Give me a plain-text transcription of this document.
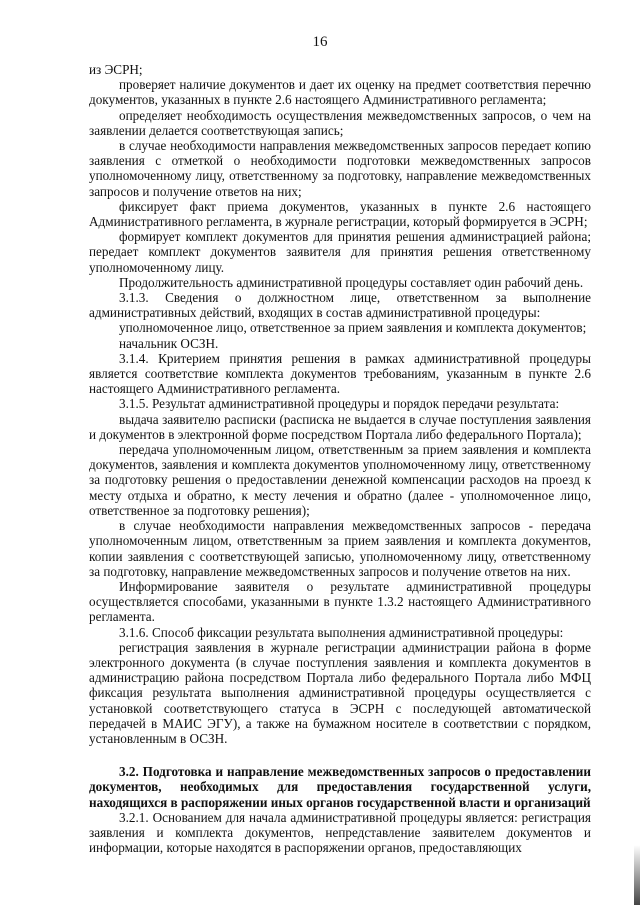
16

из ЭСРН;

проверяет наличие документов и дает их оценку на предмет соответствия перечню документов, указанных в пункте 2.6 настоящего Административного регламента;

определяет необходимость осуществления межведомственных запросов, о чем на заявлении делается соответствующая запись;

в случае необходимости направления межведомственных запросов передает копию заявления с отметкой о необходимости подготовки межведомственных запросов уполномоченному лицу, ответственному за подготовку, направление межведомственных запросов и получение ответов на них;

фиксирует факт приема документов, указанных в пункте 2.6 настоящего Административного регламента, в журнале регистрации, который формируется в ЭСРН;

формирует комплект документов для принятия решения администрацией района; передает комплект документов заявителя для принятия решения ответственному уполномоченному лицу.

Продолжительность административной процедуры составляет один рабочий день.

3.1.3. Сведения о должностном лице, ответственном за выполнение административных действий, входящих в состав административной процедуры:

уполномоченное лицо, ответственное за прием заявления и комплекта документов;

начальник ОСЗН.

3.1.4. Критерием принятия решения в рамках административной процедуры является соответствие комплекта документов требованиям, указанным в пункте 2.6 настоящего Административного регламента.

3.1.5. Результат административной процедуры и порядок передачи результата:

выдача заявителю расписки (расписка не выдается в случае поступления заявления и документов в электронной форме посредством Портала либо федерального Портала);

передача уполномоченным лицом, ответственным за прием заявления и комплекта документов, заявления и комплекта документов уполномоченному лицу, ответственному за подготовку решения о предоставлении денежной компенсации расходов на проезд к месту отдыха и обратно, к месту лечения и обратно (далее - уполномоченное лицо, ответственное за подготовку решения);

в случае необходимости направления межведомственных запросов - передача уполномоченным лицом, ответственным за прием заявления и комплекта документов, копии заявления с соответствующей записью, уполномоченному лицу, ответственному за подготовку, направление межведомственных запросов и получение ответов на них.

Информирование заявителя о результате административной процедуры осуществляется способами, указанными в пункте 1.3.2 настоящего Административного регламента.

3.1.6. Способ фиксации результата выполнения административной процедуры:

регистрация заявления в журнале регистрации администрации района в форме электронного документа (в случае поступления заявления и комплекта документов в администрацию района посредством Портала либо федерального Портала либо МФЦ фиксация результата выполнения административной процедуры осуществляется с установкой соответствующего статуса в ЭСРН с последующей автоматической передачей в МАИС ЭГУ), а также на бумажном носителе в соответствии с порядком, установленным в ОСЗН.

3.2. Подготовка и направление межведомственных запросов о предоставлении документов, необходимых для предоставления государственной услуги, находящихся в распоряжении иных органов государственной власти и организаций

3.2.1. Основанием для начала административной процедуры является: регистрация заявления и комплекта документов, непредставление заявителем документов и информации, которые находятся в распоряжении органов, предоставляющих
